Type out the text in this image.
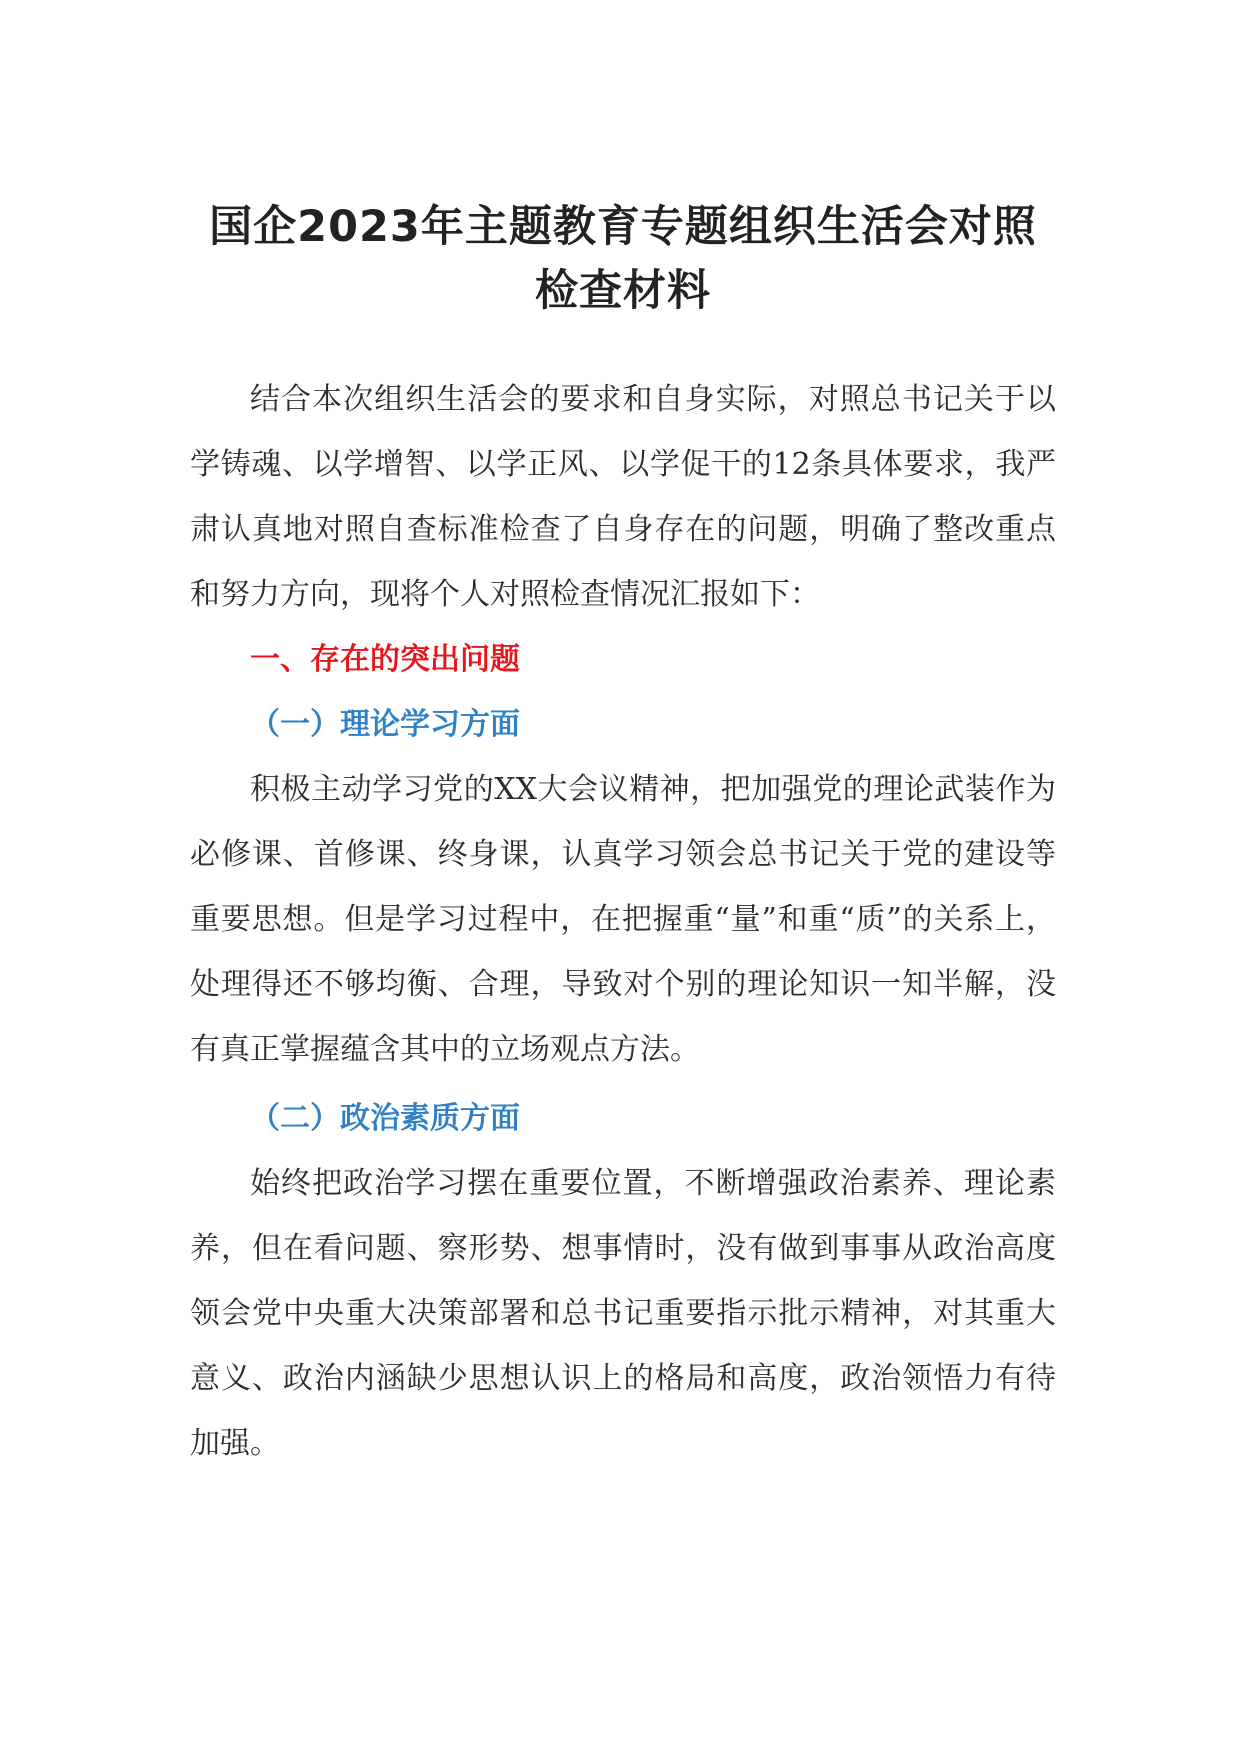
国企2023年主题教育专题组织生活会对照检查材料

结合本次组织生活会的要求和自身实际，对照总书记关于以学铸魂、以学增智、以学正风、以学促干的12条具体要求，我严肃认真地对照自查标准检查了自身存在的问题，明确了整改重点和努力方向，现将个人对照检查情况汇报如下：

一、存在的突出问题
（一）理论学习方面

积极主动学习党的XX大会议精神，把加强党的理论武装作为必修课、首修课、终身课，认真学习领会总书记关于党的建设等重要思想。但是学习过程中，在把握重“量”和重“质”的关系上，处理得还不够均衡、合理，导致对个别的理论知识一知半解，没有真正掌握蕴含其中的立场观点方法。

（二）政治素质方面

始终把政治学习摆在重要位置，不断增强政治素养、理论素养，但在看问题、察形势、想事情时，没有做到事事从政治高度领会党中央重大决策部署和总书记重要指示批示精神，对其重大意义、政治内涵缺少思想认识上的格局和高度，政治领悟力有待加强。
